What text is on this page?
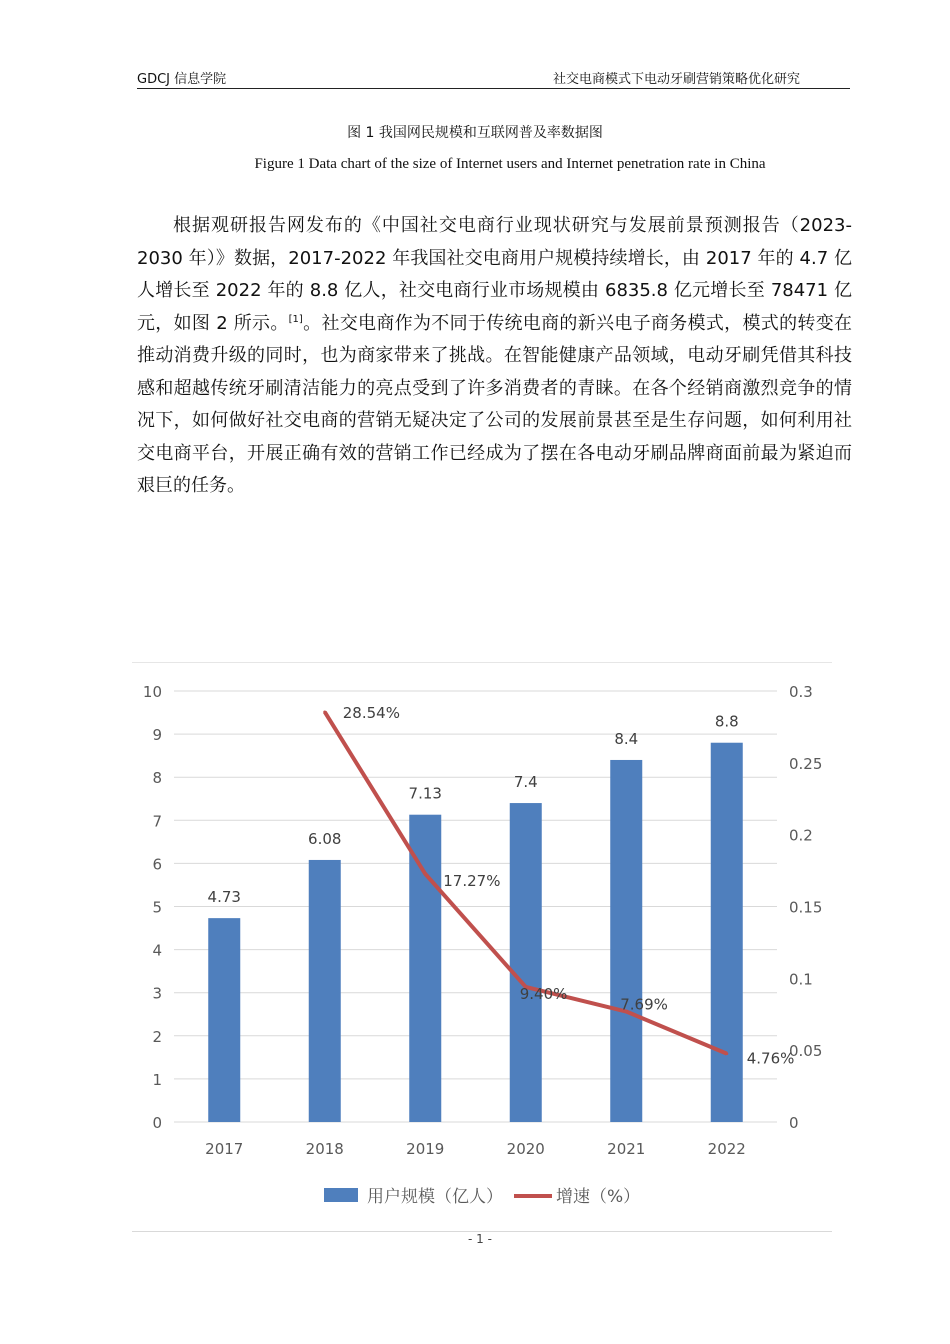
GDCJ 信息学院	社交电商模式下电动牙刷营销策略优化研究
图 1 我国网民规模和互联网普及率数据图
Figure 1 Data chart of the size of Internet users and Internet penetration rate in China

根据观研报告网发布的《中国社交电商行业现状研究与发展前景预测报告（2023-2030 年）》数据，2017-2022 年我国社交电商用户规模持续增长，由 2017 年的 4.7 亿人增长至 2022 年的 8.8 亿人，社交电商行业市场规模由 6835.8 亿元增长至 78471 亿元，如图 2 所示。[1]。社交电商作为不同于传统电商的新兴电子商务模式，模式的转变在推动消费升级的同时，也为商家带来了挑战。在智能健康产品领域，电动牙刷凭借其科技感和超越传统牙刷清洁能力的亮点受到了许多消费者的青睐。在各个经销商激烈竞争的情况下，如何做好社交电商的营销无疑决定了公司的发展前景甚至是生存问题，如何利用社交电商平台，开展正确有效的营销工作已经成为了摆在各电动牙刷品牌商面前最为紧迫而艰巨的任务。

0
1
2
3
4
5
6
7
8
9
10
0
0.05
0.1
0.15
0.2
0.25
0.3
4.73
6.08
7.13
7.4
8.4
8.8
2017	2018	2019	2020	2021	2022
28.54%
17.27%
9.40%
7.69%
4.76%
用户规模（亿人）	增速（%）
- 1 -
